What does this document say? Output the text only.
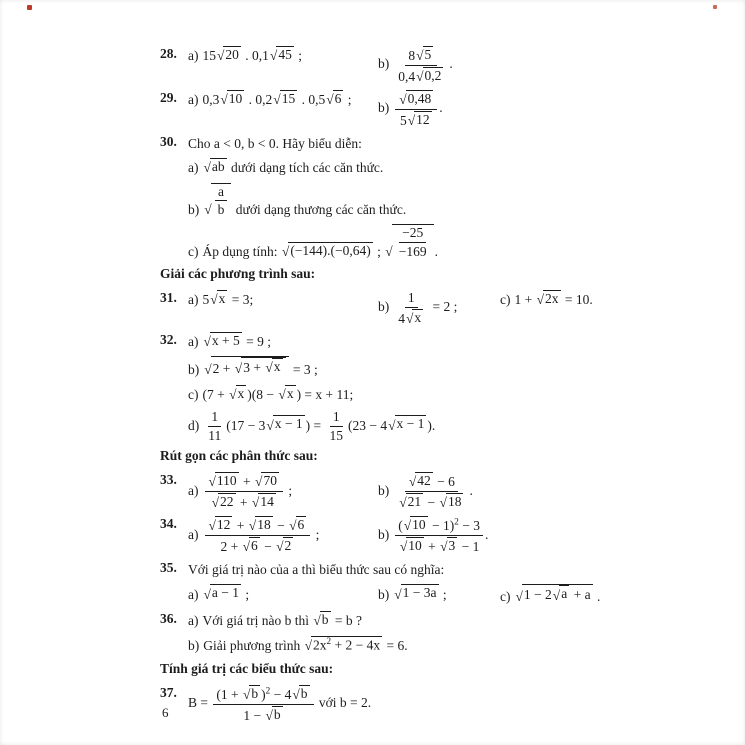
28. a) 15 √ 20 . 0,1 √ 45 ;
$b) \frac{8 √ 5}{0,4 √ 0,2}$ .
29. a) 0,3 √ 10 . 0,2 √ 15 . 0,5 √ 6 ;
$b) \frac{√ 0,48}{5 √ 12}$ .
30. Cho a < 0, b < 0. Hãy biểu diễn:
a) √ ab dưới dạng tích các căn thức.
b) √ $\frac{a}{b}$ dưới dạng thương các căn thức.
c) Áp dụng tính: √ (−144).(−0,64) ; √ $\frac{-25}{-169}$ .
Giải các phương trình sau:
31. a) 5 √ x = 3;	$b) \frac{1}{4 √ x} = 2$ ;	c) 1 + √ 2x = 10.
32. a) √ x + 5 = 9 ;
b) √ 2 + √ 3 + √ x = 3 ;
c) (7 + √ x )(8 − √ x ) = x + 11;
$d) \frac{1}{11} (17 - 3$ √ x − 1 ) = $\frac{1}{15} (23 - 4$ √ x − 1 ).
Rút gọn các phân thức sau:
33.
$a) \frac{√ 110 + √ 70}{√ 22 + √ 14}$ ;	$b) \frac{√ 42 - 6}{√ 21 - √ 18}$ .
34.
$a) \frac{√ 12 + √ 18 - √ 6}{2 + √ 6 - √ 2}$ ;	$b) \frac{( √ 10 - 1)^2 - 3}{√ 10 + √ 3 - 1}$ .
35. Với giá trị nào của a thì biểu thức sau có nghĩa:
a) √ a − 1 ;	b) √ 1 − 3a ;	c) √ 1 − 2 √ a + a .
36. a) Với giá trị nào b thì √ b = b ?
b) Giải phương trình √ $2x^2 + 2 - 4x = 6$.
Tính giá trị các biểu thức sau:
37.
$B = \frac{(1 + √ b )^2 - 4 √ b}{1 - √ b}$ với b = 2.
6
